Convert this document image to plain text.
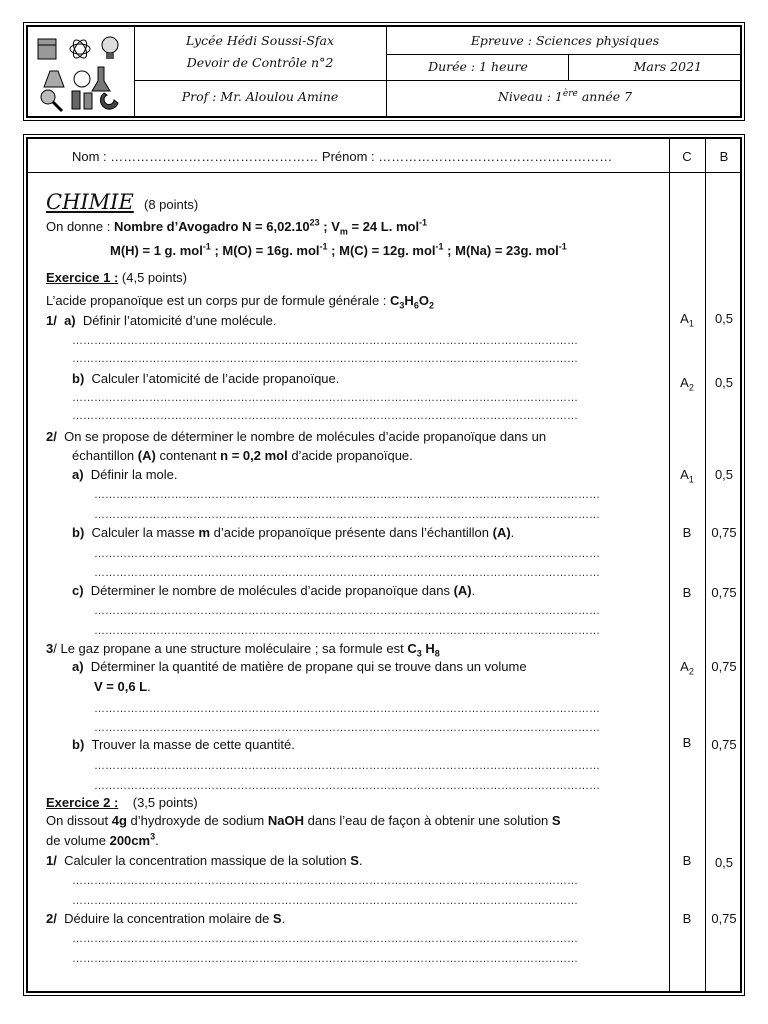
Lycée Hédi Soussi-Sfax
Devoir de Contrôle n°2
Prof : Mr. Aloulou Amine
Epreuve : Sciences physiques
Durée : 1 heure	Mars 2021
Niveau : 1ère année 7
Nom : ………………………………………… Prénom : ………………………………………………	C	B
CHIMIE (8 points)
On donne : Nombre d’Avogadro $N = 6,02.10^{23}$ ; $V_m = 24$ L. mol$^{-1}$
M(H) = 1 g. mol$^{-1}$ ; M(O) = 16g. mol$^{-1}$ ; M(C) = 12g. mol$^{-1}$ ; M(Na) = 23g. mol$^{-1}$
Exercice 1 : (4,5 points)
L’acide propanoïque est un corps pur de formule générale : $C_3H_6O_2$
1/ a) Définir l’atomicité d’une molécule.
…………………………………………………………………………………………………………………………
…………………………………………………………………………………………………………………………
b) Calculer l’atomicité de l’acide propanoïque.
…………………………………………………………………………………………………………………………
…………………………………………………………………………………………………………………………
2/ On se propose de déterminer le nombre de molécules d’acide propanoïque dans un
échantillon (A) contenant n = 0,2 mol d’acide propanoïque.
a) Définir la mole.
…………………………………………………………………………………………………………………………
…………………………………………………………………………………………………………………………
b) Calculer la masse m d’acide propanoïque présente dans l’échantillon (A).
…………………………………………………………………………………………………………………………
…………………………………………………………………………………………………………………………
c) Déterminer le nombre de molécules d’acide propanoïque dans (A).
…………………………………………………………………………………………………………………………
…………………………………………………………………………………………………………………………
3/ Le gaz propane a une structure moléculaire ; sa formule est $C_3$ $H_8$
a) Déterminer la quantité de matière de propane qui se trouve dans un volume
V = 0,6 L.
…………………………………………………………………………………………………………………………
…………………………………………………………………………………………………………………………
b) Trouver la masse de cette quantité.
…………………………………………………………………………………………………………………………
…………………………………………………………………………………………………………………………
Exercice 2 : (3,5 points)
On dissout 4g d’hydroxyde de sodium NaOH dans l’eau de façon à obtenir une solution S
de volume $200cm^3$.
1/ Calculer la concentration massique de la solution S.
…………………………………………………………………………………………………………………………
…………………………………………………………………………………………………………………………
2/ Déduire la concentration molaire de S.
…………………………………………………………………………………………………………………………
…………………………………………………………………………………………………………………………
$A_1$	0,5
$A_2$	0,5
$A_1$	0,5
B	0,75
B	0,75
$A_2$	0,75
B	0,75
B	0,5
B	0,75
